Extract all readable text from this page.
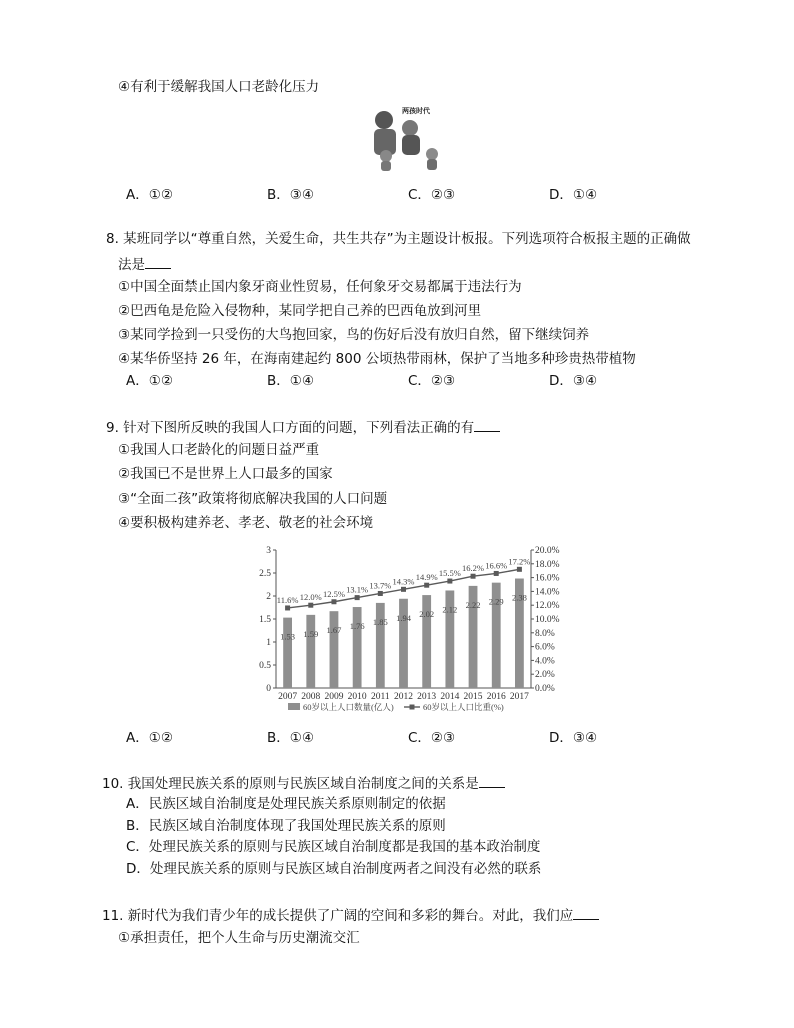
④有利于缓解我国人口老龄化压力
两孩时代
A．①②	B．③④	C．②③	D．①④
8. 某班同学以“尊重自然，关爱生命，共生共存”为主题设计板报。下列选项符合板报主题的正确做
法是
①中国全面禁止国内象牙商业性贸易，任何象牙交易都属于违法行为
②巴西龟是危险入侵物种，某同学把自己养的巴西龟放到河里
③某同学捡到一只受伤的大鸟抱回家，鸟的伤好后没有放归自然，留下继续饲养
④某华侨坚持 26 年，在海南建起约 800 公顷热带雨林，保护了当地多种珍贵热带植物
A．①②	B．①④	C．②③	D．③④
9. 针对下图所反映的我国人口方面的问题，下列看法正确的有
①我国人口老龄化的问题日益严重
②我国已不是世界上人口最多的国家
③“全面二孩”政策将彻底解决我国的人口问题
④要积极构建养老、孝老、敬老的社会环境
0
0.5
1
1.5
2
2.5
3
0.0%
2.0%
4.0%
6.0%
8.0%
10.0%
12.0%
14.0%
16.0%
18.0%
20.0%
1.53
2007
1.59
2008
1.67
2009
1.76
2010
1.85
2011
1.94
2012
2.02
2013
2.12
2014
2.22
2015
2.29
2016
2.38
2017
11.6% 12.0% 12.5% 13.1% 13.7% 14.3% 14.9% 15.5% 16.2% 16.6% 17.2%
60岁以上人口数量(亿人)	60岁以上人口比重(%)
A．①②	B．①④	C．②③	D．③④
10. 我国处理民族关系的原则与民族区域自治制度之间的关系是
A．民族区域自治制度是处理民族关系原则制定的依据
B．民族区域自治制度体现了我国处理民族关系的原则
C．处理民族关系的原则与民族区域自治制度都是我国的基本政治制度
D．处理民族关系的原则与民族区域自治制度两者之间没有必然的联系
11. 新时代为我们青少年的成长提供了广阔的空间和多彩的舞台。对此，我们应
①承担责任，把个人生命与历史潮流交汇
